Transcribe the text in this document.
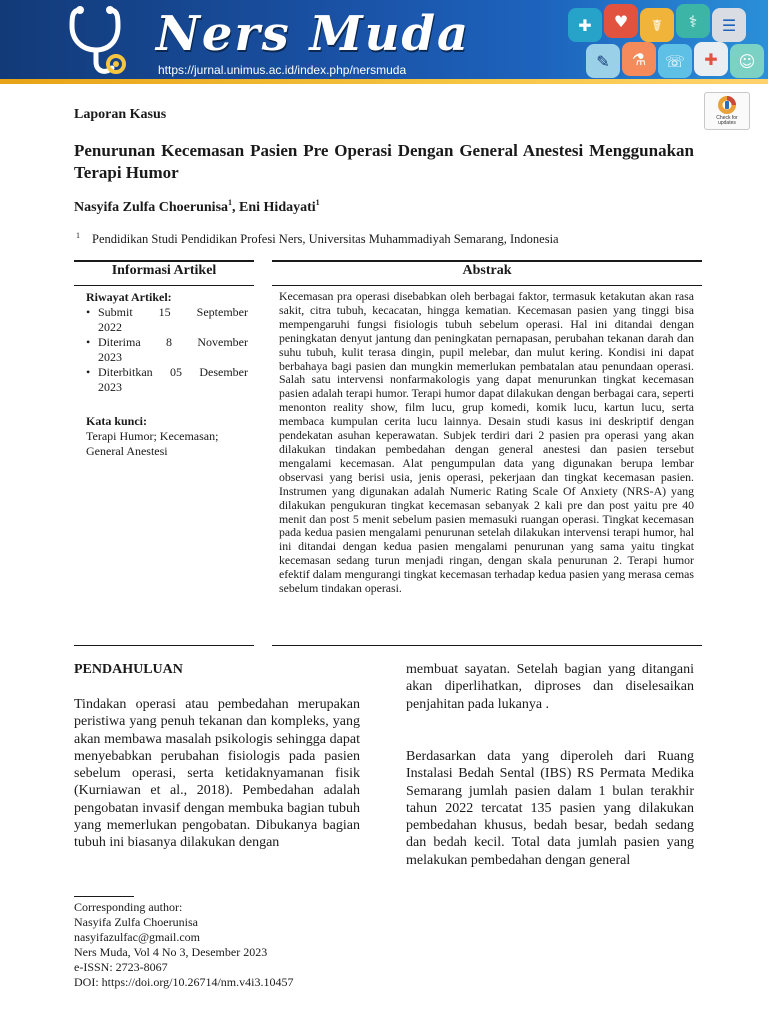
Ners Muda
https://jurnal.unimus.ac.id/index.php/nersmuda
✚	♥	☤	⚕	☰
✎	⚗	☏	✚	☺
Check for updates
Laporan Kasus
Penurunan Kecemasan Pasien Pre Operasi Dengan General Anestesi Menggunakan Terapi Humor
Nasyifa Zulfa Choerunisa$^1$, Eni Hidayati$^1$
1 Pendidikan Studi Pendidikan Profesi Ners, Universitas Muhammadiyah Semarang, Indonesia
Informasi Artikel	Abstrak
Riwayat Artikel:
• Submit 15 September
2022
• Diterima 8 November
2023
• Diterbitkan 05 Desember
2023
Kata kunci:
Terapi Humor; Kecemasan; General Anestesi
Kecemasan pra operasi disebabkan oleh berbagai faktor, termasuk ketakutan akan rasa sakit, citra tubuh, kecacatan, hingga kematian. Kecemasan pasien yang tinggi bisa mempengaruhi fungsi fisiologis tubuh sebelum operasi. Hal ini ditandai dengan peningkatan denyut jantung dan peningkatan pernapasan, perubahan tekanan darah dan suhu tubuh, kulit terasa dingin, pupil melebar, dan mulut kering. Kondisi ini dapat berbahaya bagi pasien dan mungkin memerlukan pembatalan atau penundaan operasi. Salah satu intervensi nonfarmakologis yang dapat menurunkan tingkat kecemasan pasien adalah terapi humor. Terapi humor dapat dilakukan dengan berbagai cara, seperti menonton reality show, film lucu, grup komedi, komik lucu, kartun lucu, serta membaca kumpulan cerita lucu lainnya. Desain studi kasus ini deskriptif dengan pendekatan asuhan keperawatan. Subjek terdiri dari 2 pasien pra operasi yang akan dilakukan tindakan pembedahan dengan general anestesi dan pasien tersebut mengalami kecemasan. Alat pengumpulan data yang digunakan berupa lembar observasi yang berisi usia, jenis operasi, pekerjaan dan tingkat kecemasan pasien. Instrumen yang digunakan adalah Numeric Rating Scale Of Anxiety (NRS-A) yang dilakukan pengukuran tingkat kecemasan sebanyak 2 kali pre dan post yaitu pre 40 menit dan post 5 menit sebelum pasien memasuki ruangan operasi. Tingkat kecemasan pada kedua pasien mengalami penurunan setelah dilakukan intervensi terapi humor, hal ini ditandai dengan kedua pasien mengalami penurunan yang sama yaitu tingkat kecemasan sedang turun menjadi ringan, dengan skala penurunan 2. Terapi humor efektif dalam mengurangi tingkat kecemasan terhadap kedua pasien yang merasa cemas sebelum tindakan operasi.
PENDAHULUAN
Tindakan operasi atau pembedahan merupakan peristiwa yang penuh tekanan dan kompleks, yang akan membawa masalah psikologis sehingga dapat menyebabkan perubahan fisiologis pada pasien sebelum operasi, serta ketidaknyamanan fisik (Kurniawan et al., 2018). Pembedahan adalah pengobatan invasif dengan membuka bagian tubuh yang memerlukan pengobatan. Dibukanya bagian tubuh ini biasanya dilakukan dengan
membuat sayatan. Setelah bagian yang ditangani akan diperlihatkan, diproses dan diselesaikan penjahitan pada lukanya .
Berdasarkan data yang diperoleh dari Ruang Instalasi Bedah Sental (IBS) RS Permata Medika Semarang jumlah pasien dalam 1 bulan terakhir tahun 2022 tercatat 135 pasien yang dilakukan pembedahan khusus, bedah besar, bedah sedang dan bedah kecil. Total data jumlah pasien yang melakukan pembedahan dengan general
Corresponding author:
Nasyifa Zulfa Choerunisa
nasyifazulfac@gmail.com
Ners Muda, Vol 4 No 3, Desember 2023
e-ISSN: 2723-8067
DOI: https://doi.org/10.26714/nm.v4i3.10457
